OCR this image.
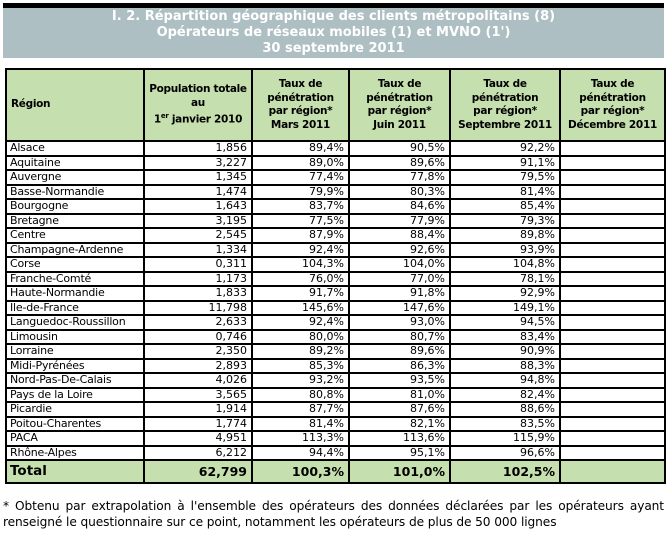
I. 2. Répartition géographique des clients métropolitains (8)
Opérateurs de réseaux mobiles (1) et MVNO (1')
30 septembre 2011
Région

Population totale
au
1er janvier 2010

Taux de
pénétration
par région*
Mars 2011

Taux de
pénétration
par région*
Juin 2011

Taux de
pénétration
par région*
Septembre 2011

Taux de
pénétration
par région*
Décembre 2011

Alsace	1,856	89,4%	90,5%	92,2%	
Aquitaine	3,227	89,0%	89,6%	91,1%	
Auvergne	1,345	77,4%	77,8%	79,5%	
Basse-Normandie	1,474	79,9%	80,3%	81,4%	
Bourgogne	1,643	83,7%	84,6%	85,4%	
Bretagne	3,195	77,5%	77,9%	79,3%	
Centre	2,545	87,9%	88,4%	89,8%	
Champagne-Ardenne	1,334	92,4%	92,6%	93,9%	
Corse	0,311	104,3%	104,0%	104,8%	
Franche-Comté	1,173	76,0%	77,0%	78,1%	
Haute-Normandie	1,833	91,7%	91,8%	92,9%	
Ile-de-France	11,798	145,6%	147,6%	149,1%	
Languedoc-Roussillon	2,633	92,4%	93,0%	94,5%	
Limousin	0,746	80,0%	80,7%	83,4%	
Lorraine	2,350	89,2%	89,6%	90,9%	
Midi-Pyrénées	2,893	85,3%	86,3%	88,3%	
Nord-Pas-De-Calais	4,026	93,2%	93,5%	94,8%	
Pays de la Loire	3,565	80,8%	81,0%	82,4%	
Picardie	1,914	87,7%	87,6%	88,6%	
Poitou-Charentes	1,774	81,4%	82,1%	83,5%	
PACA	4,951	113,3%	113,6%	115,9%	
Rhône-Alpes	6,212	94,4%	95,1%	96,6%	
Total	62,799	100,3%	101,0%	102,5%	

* Obtenu par extrapolation à l'ensemble des opérateurs des données déclarées par les opérateurs ayant renseigné le questionnaire sur ce point, notamment les opérateurs de plus de 50 000 lignes
